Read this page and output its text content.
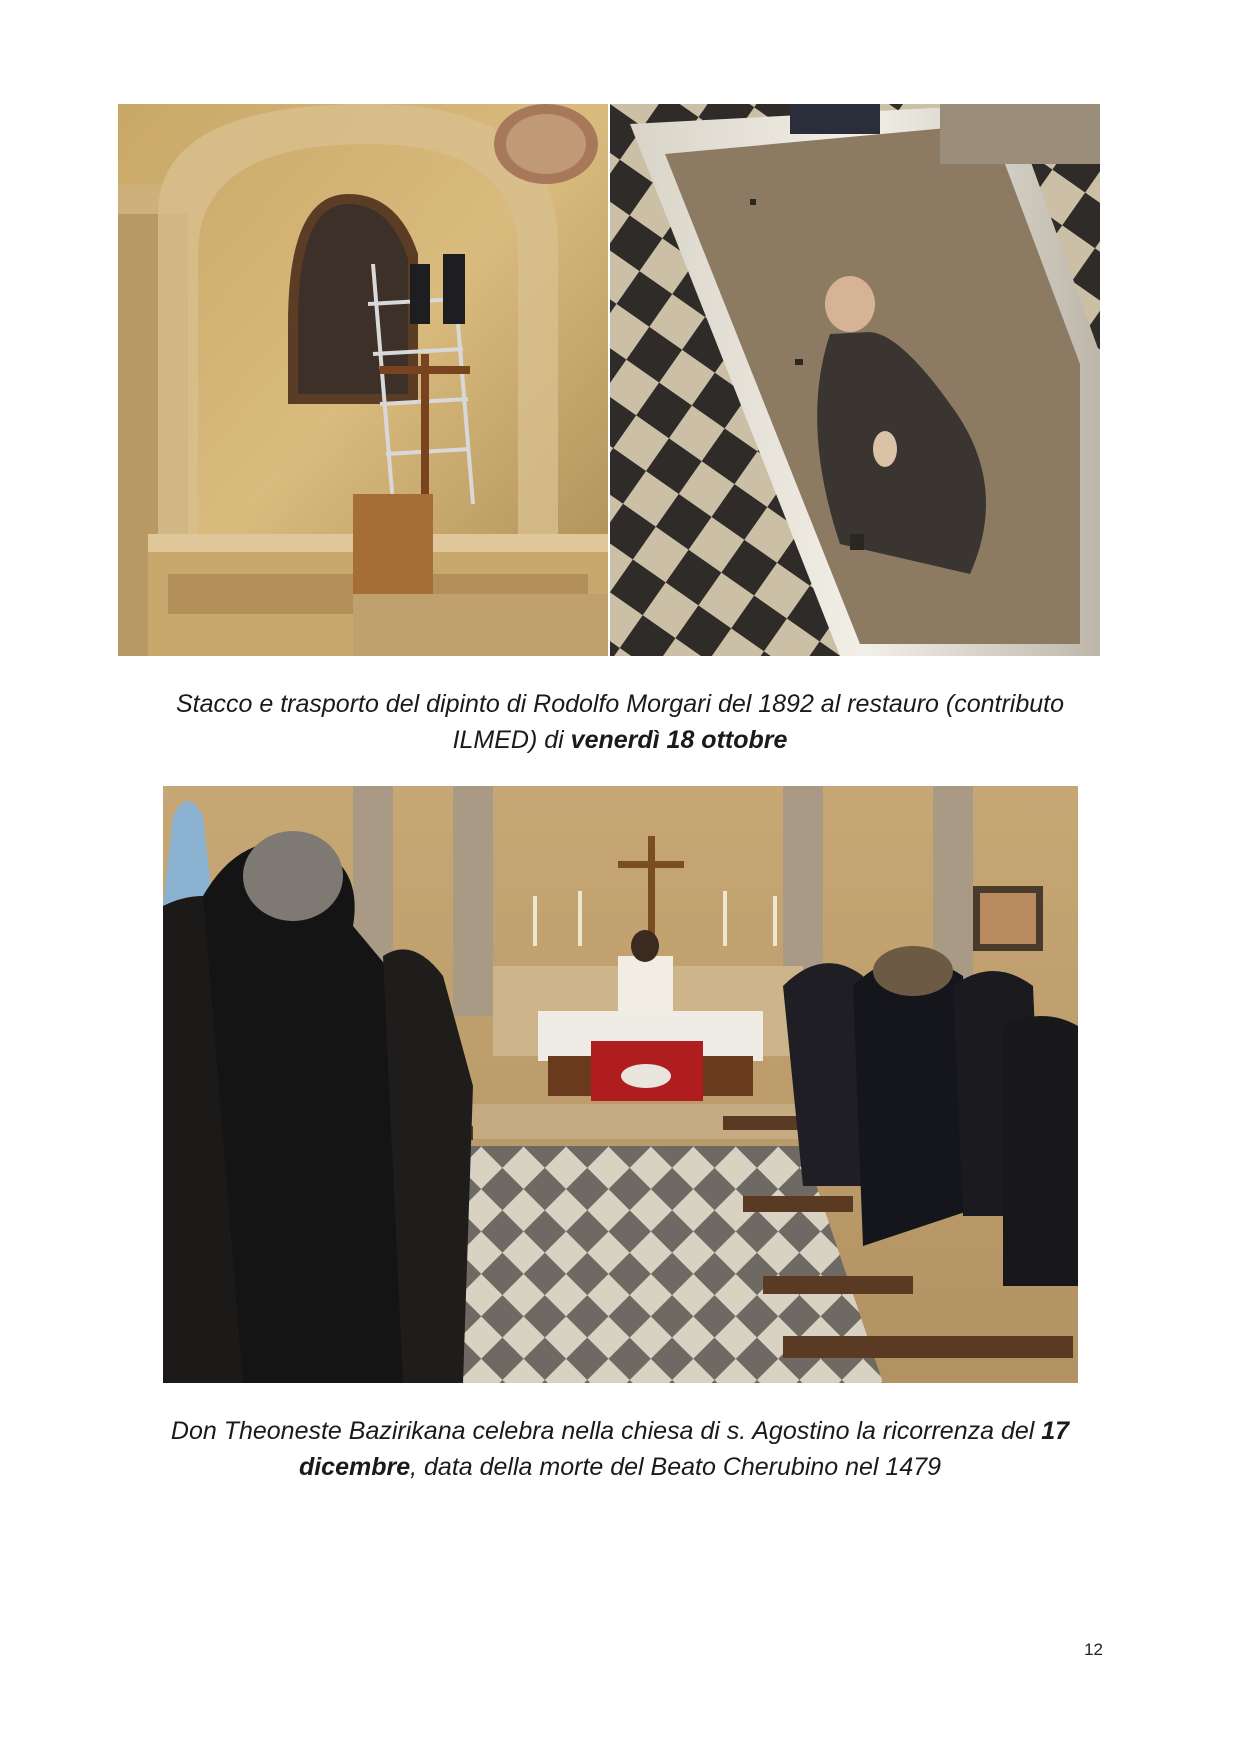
Stacco e trasporto del dipinto di Rodolfo Morgari del 1892 al restauro (contributo
ILMED) di venerdì 18 ottobre
Don Theoneste Bazirikana celebra nella chiesa di s. Agostino la ricorrenza del 17
dicembre, data della morte del Beato Cherubino nel 1479
12
